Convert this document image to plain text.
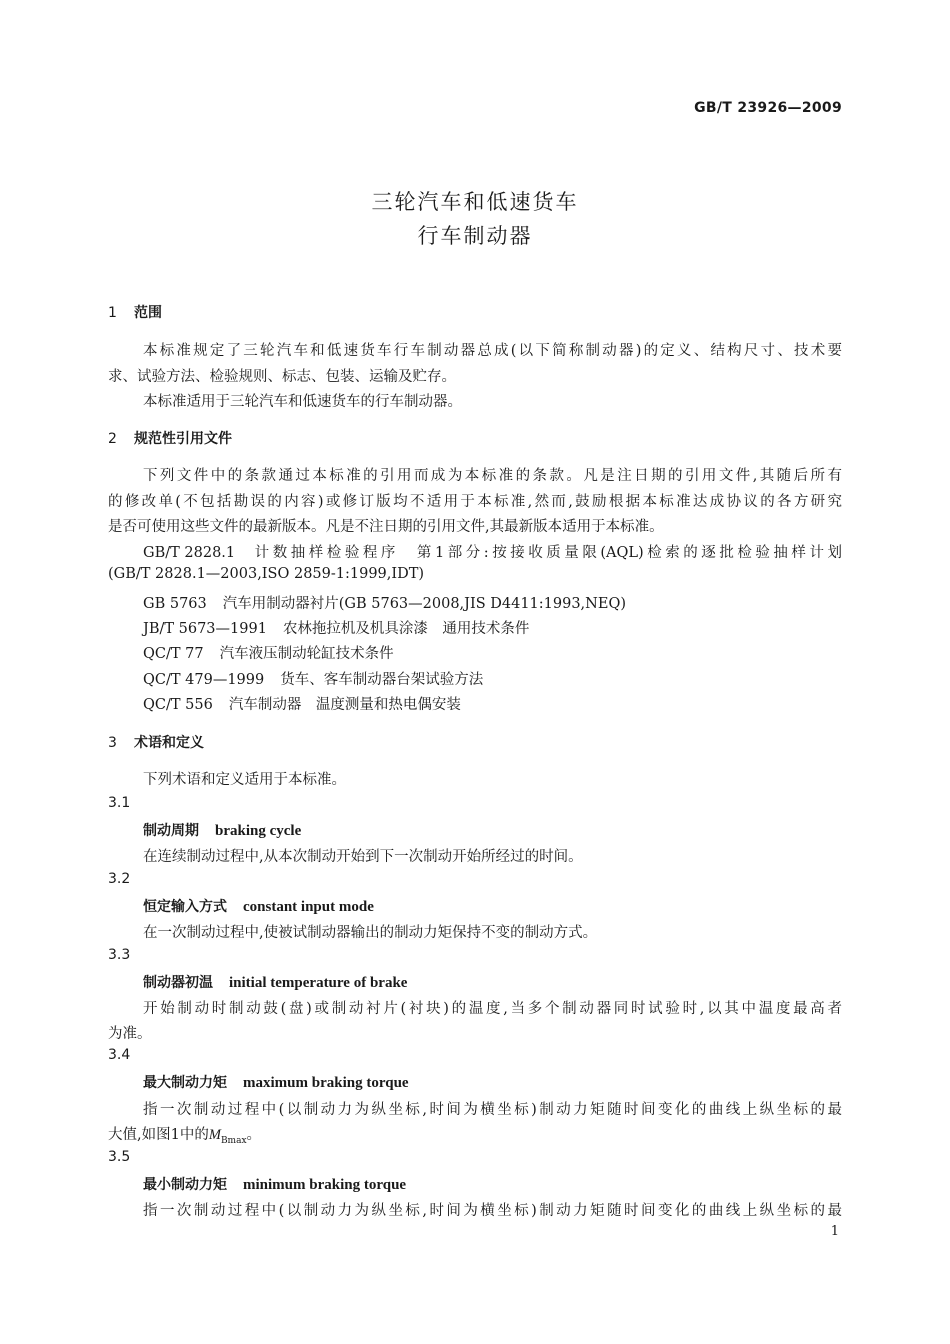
GB/T 23926—2009
三轮汽车和低速货车
行车制动器
1 范围
本标准规定了三轮汽车和低速货车行车制动器总成(以下简称制动器)的定义、结构尺寸、技术要
求、试验方法、检验规则、标志、包装、运输及贮存。
本标准适用于三轮汽车和低速货车的行车制动器。
2 规范性引用文件
下列文件中的条款通过本标准的引用而成为本标准的条款。凡是注日期的引用文件,其随后所有
的修改单(不包括勘误的内容)或修订版均不适用于本标准,然而,鼓励根据本标准达成协议的各方研究
是否可使用这些文件的最新版本。凡是不注日期的引用文件,其最新版本适用于本标准。
GB/T 2828.1 计数抽样检验程序　第1部分:按接收质量限(AQL)检索的逐批检验抽样计划
(GB/T 2828.1—2003,ISO 2859-1:1999,IDT)
GB 5763 汽车用制动器衬片(GB 5763—2008,JIS D4411:1993,NEQ)
JB/T 5673—1991 农林拖拉机及机具涂漆　通用技术条件
QC/T 77 汽车液压制动轮缸技术条件
QC/T 479—1999 货车、客车制动器台架试验方法
QC/T 556 汽车制动器　温度测量和热电偶安装
3 术语和定义
下列术语和定义适用于本标准。
3.1
制动周期 braking cycle
在连续制动过程中,从本次制动开始到下一次制动开始所经过的时间。
3.2
恒定输入方式 constant input mode
在一次制动过程中,使被试制动器输出的制动力矩保持不变的制动方式。
3.3
制动器初温 initial temperature of brake
开始制动时制动鼓(盘)或制动衬片(衬块)的温度,当多个制动器同时试验时,以其中温度最高者
为准。
3.4
最大制动力矩 maximum braking torque
指一次制动过程中(以制动力为纵坐标,时间为横坐标)制动力矩随时间变化的曲线上纵坐标的最
大值,如图1中的$M_{Bmax}$。
3.5
最小制动力矩 minimum braking torque
指一次制动过程中(以制动力为纵坐标,时间为横坐标)制动力矩随时间变化的曲线上纵坐标的最
1
